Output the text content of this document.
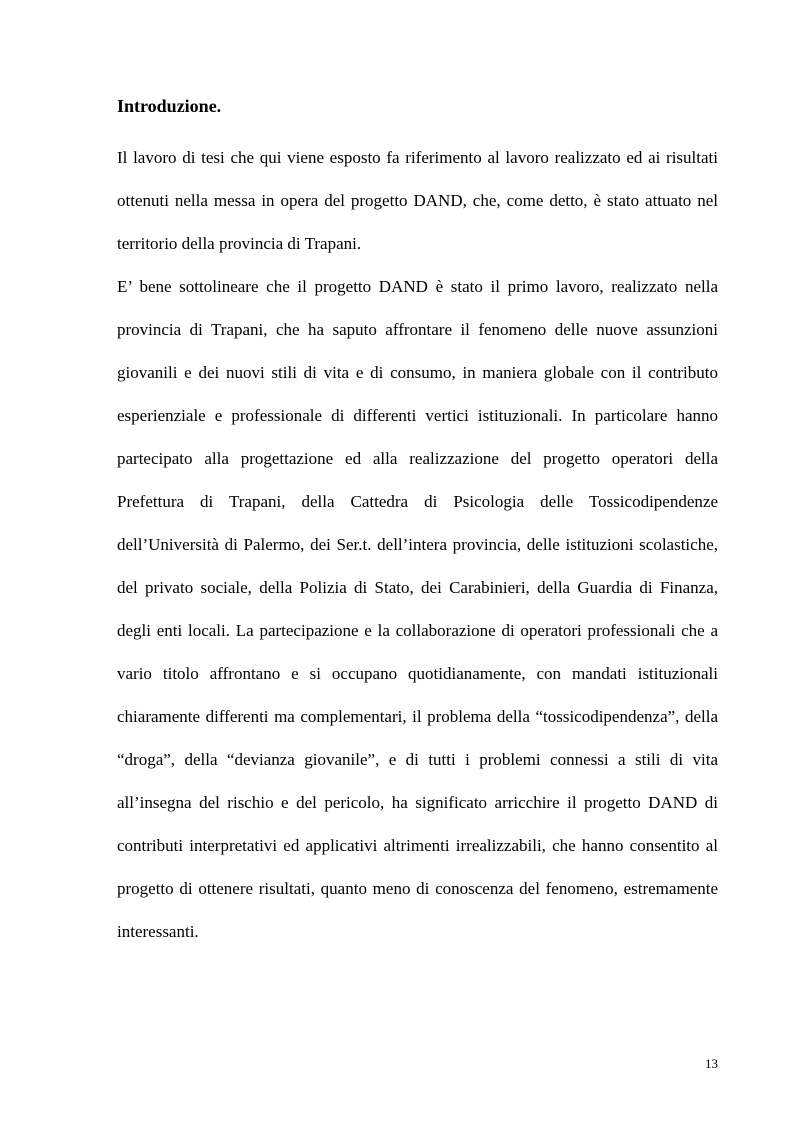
Introduzione.

Il lavoro di tesi che qui viene esposto fa riferimento al lavoro realizzato ed ai risultati ottenuti nella messa in opera del progetto DAND, che, come detto, è stato attuato nel territorio della provincia di Trapani.

E’ bene sottolineare che il progetto DAND è stato il primo lavoro, realizzato nella provincia di Trapani, che ha saputo affrontare il fenomeno delle nuove assunzioni giovanili e dei nuovi stili di vita e di consumo, in maniera globale con il contributo esperienziale e professionale di differenti vertici istituzionali. In particolare hanno partecipato alla progettazione ed alla realizzazione del progetto operatori della Prefettura di Trapani, della Cattedra di Psicologia delle Tossicodipendenze dell’Università di Palermo, dei Ser.t. dell’intera provincia, delle istituzioni scolastiche, del privato sociale, della Polizia di Stato, dei Carabinieri, della Guardia di Finanza, degli enti locali. La partecipazione e la collaborazione di operatori professionali che a vario titolo affrontano e si occupano quotidianamente, con mandati istituzionali chiaramente differenti ma complementari, il problema della “tossicodipendenza”, della “droga”, della “devianza giovanile”, e di tutti i problemi connessi a stili di vita all’insegna del rischio e del pericolo, ha significato arricchire il progetto DAND di contributi interpretativi ed applicativi altrimenti irrealizzabili, che hanno consentito al progetto di ottenere risultati, quanto meno di conoscenza del fenomeno, estremamente interessanti.

13
